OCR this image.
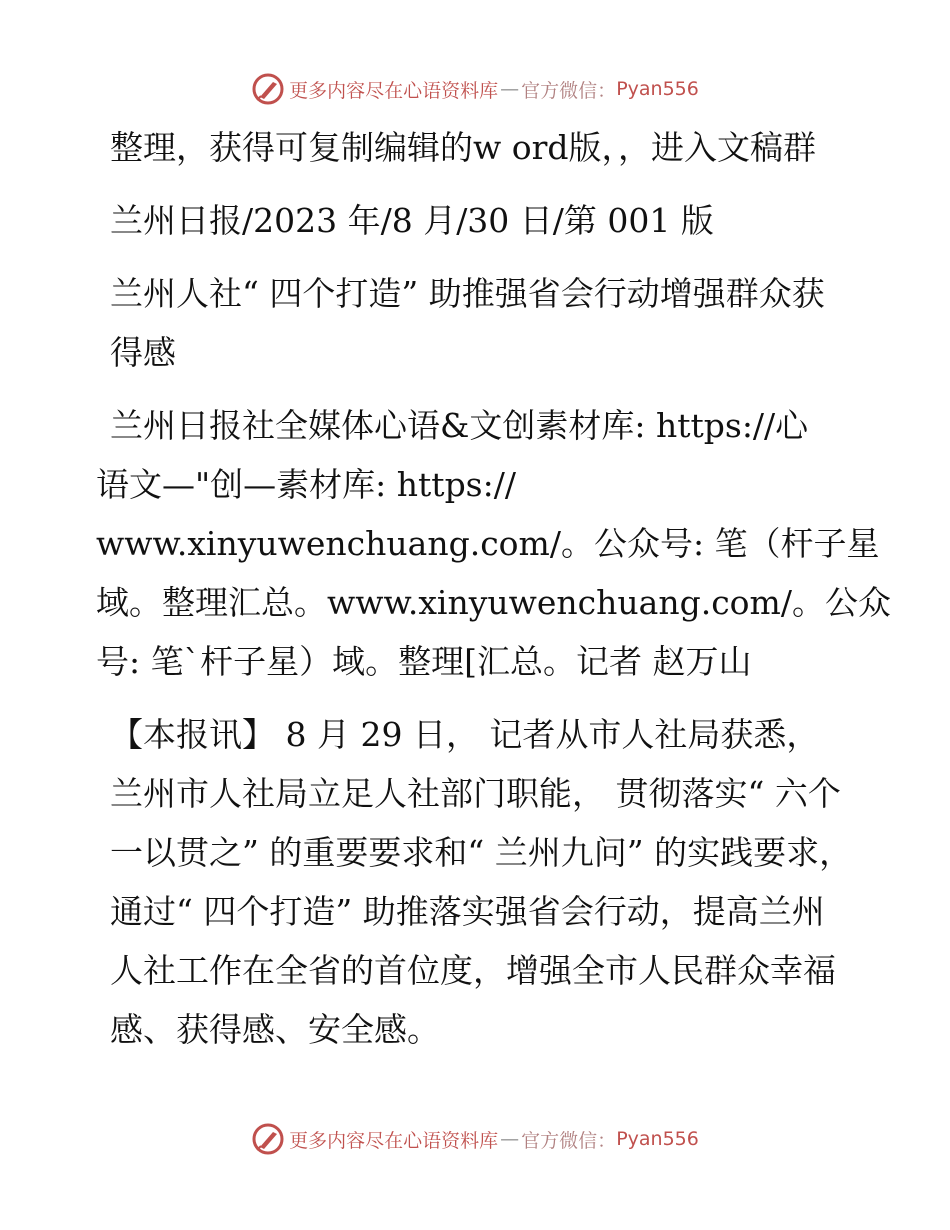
更多内容尽在心语资料库 — 官方微信： Pyan556

整理，获得可复制编辑的w ord版，，进入文稿群

兰州日报/2023 年/8 月/30 日/第 001 版

兰州人社“ 四个打造” 助推强省会行动增强群众获得感

兰州日报社全媒体心语&文创素材库: https://心
语文—"创—素材库: https://
www.xinyuwenchuang.com/。公众号: 笔（杆子星
域。整理汇总。www.xinyuwenchuang.com/。公众
号: 笔`杆子星）域。整理[汇总。记者 赵万山

【本报讯】 8 月 29 日， 记者从市人社局获悉， 兰州市人社局立足人社部门职能， 贯彻落实“ 六个一以贯之” 的重要要求和“ 兰州九问” 的实践要求，通过“ 四个打造” 助推落实强省会行动，提高兰州人社工作在全省的首位度，增强全市人民群众幸福感、获得感、安全感。

更多内容尽在心语资料库 — 官方微信： Pyan556
